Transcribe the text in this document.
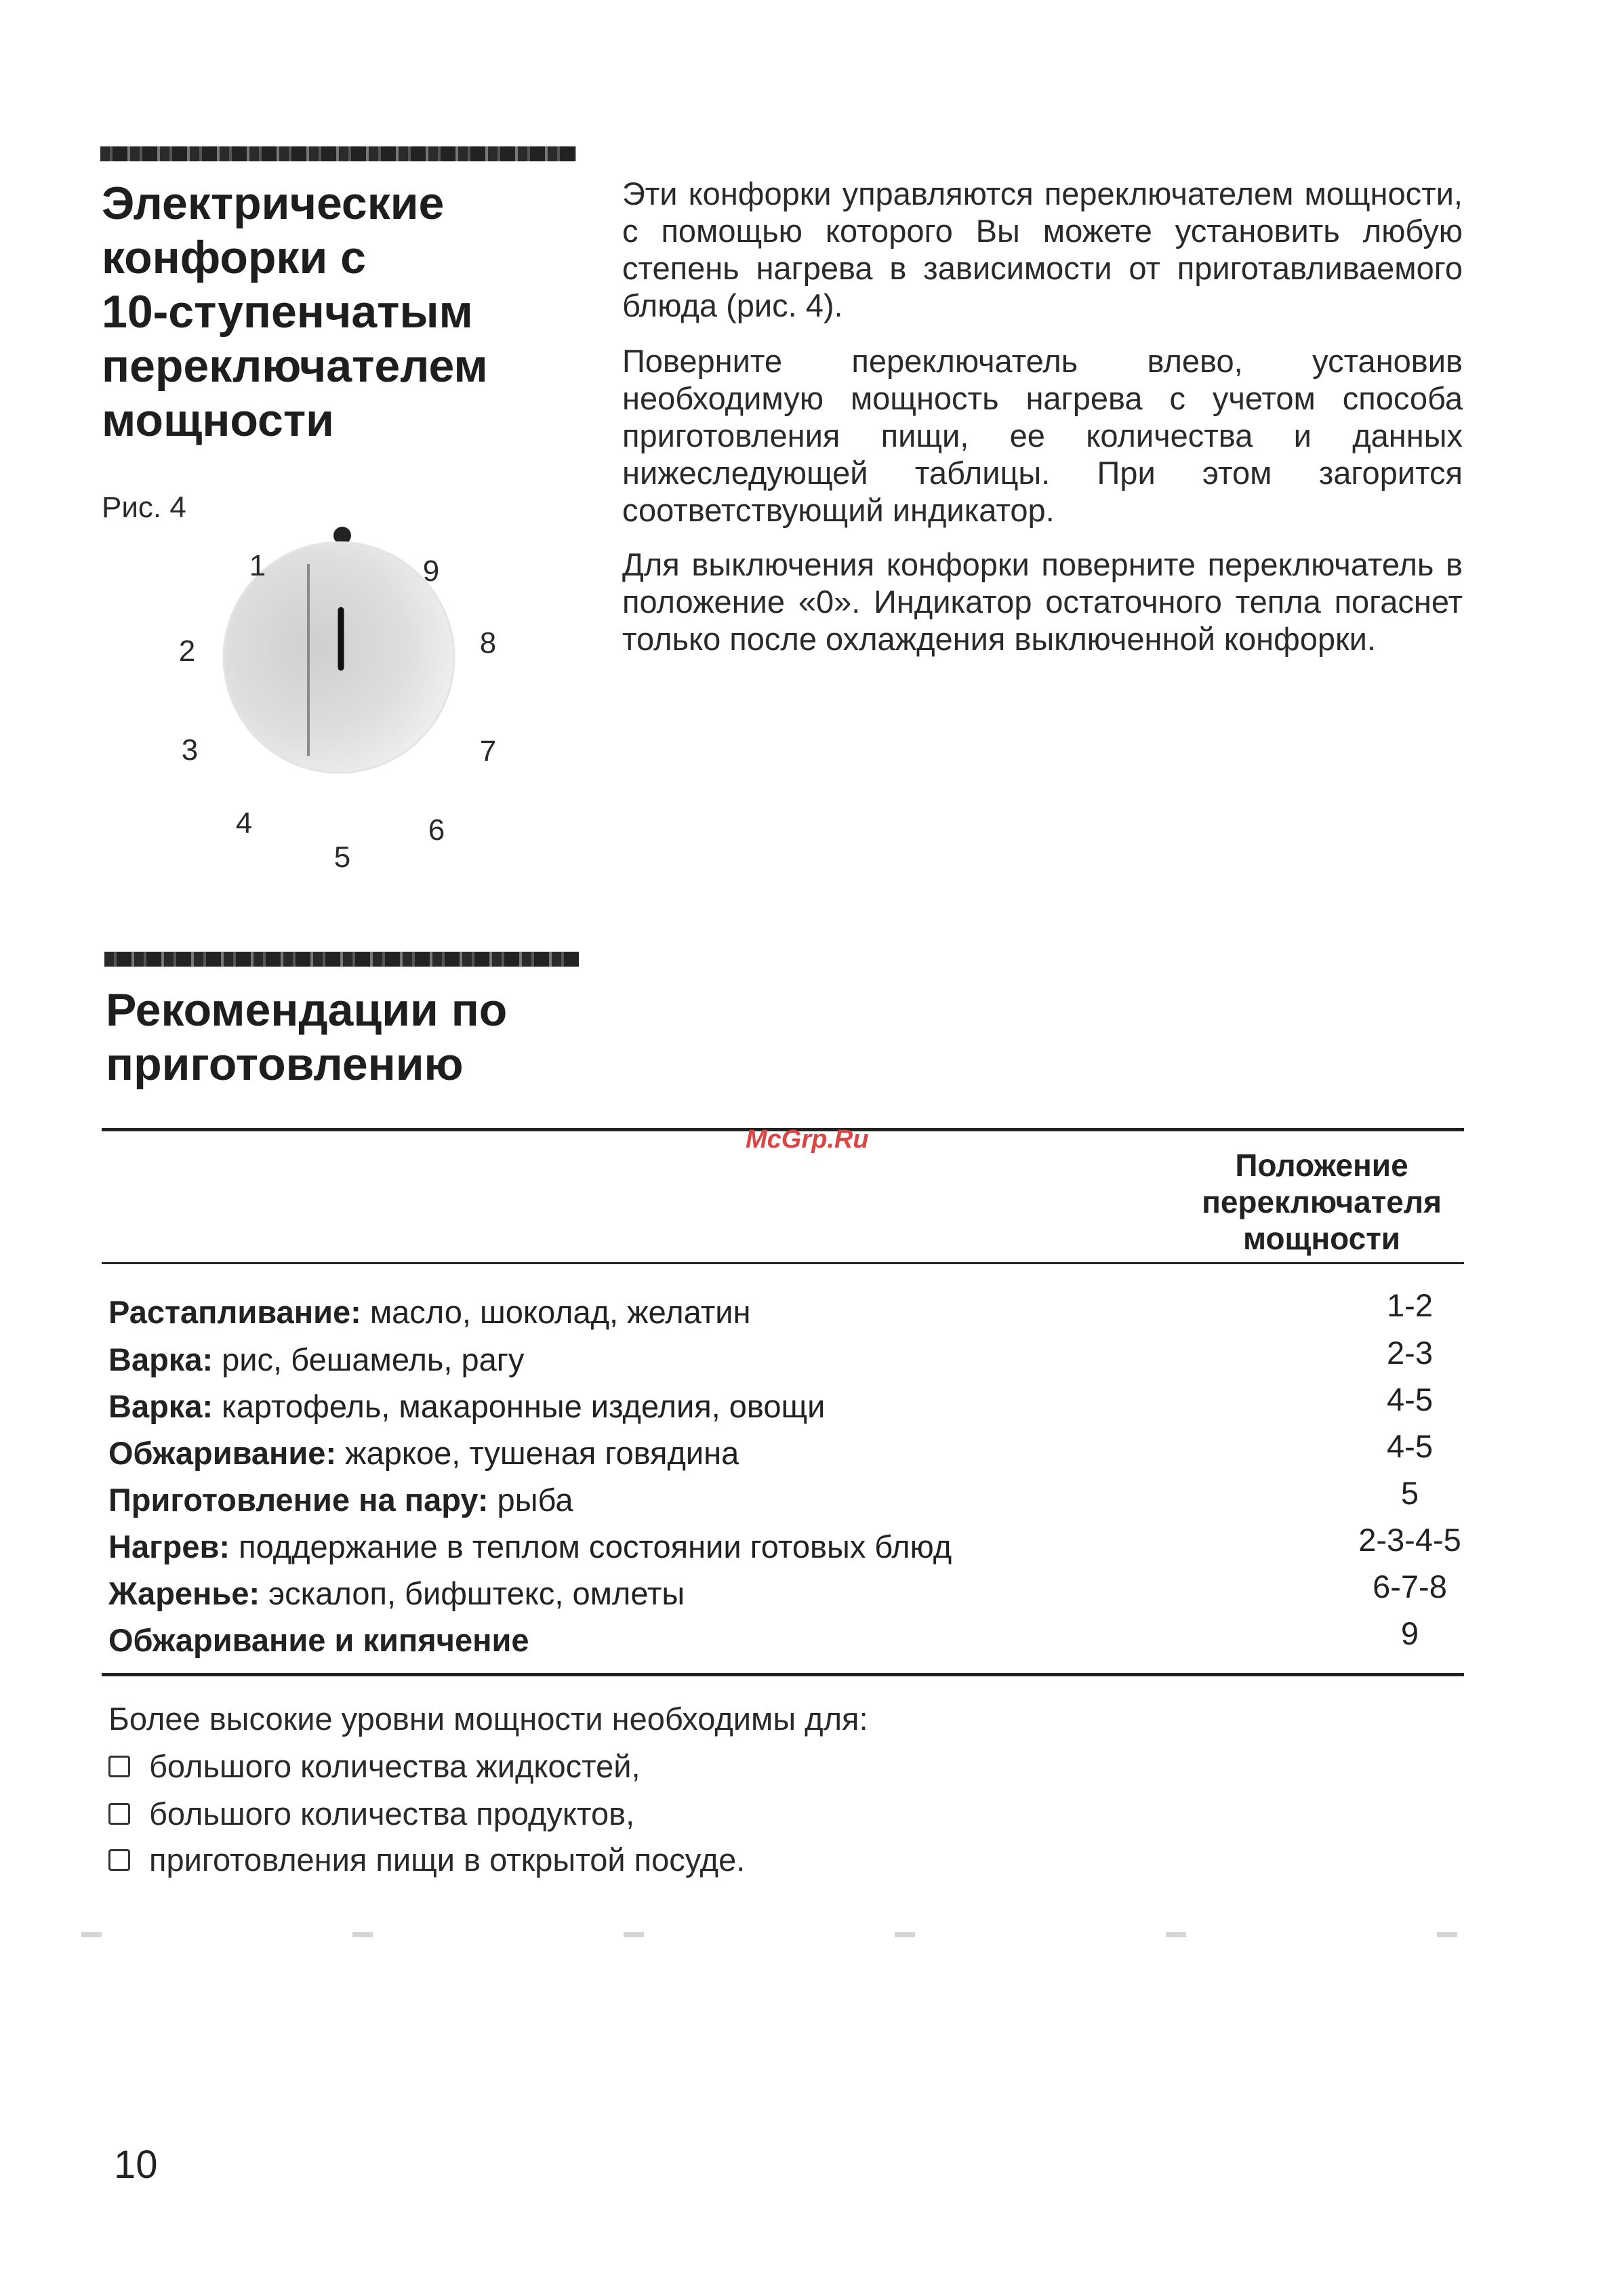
Электрические
конфорки с
10-ступенчатым
переключателем
мощности

Эти конфорки управляются переключателем мощности, с помощью которого Вы можете установить любую степень нагрева в зависимости от приготавливаемого блюда (рис. 4).

Поверните переключатель влево, установив необходимую мощность нагрева с учетом способа приготовления пищи, ее количества и данных нижеследующей таблицы. При этом загорится соответствующий индикатор.

Для выключения конфорки поверните переключатель в положение «0». Индикатор остаточного тепла погаснет только после охлаждения выключенной конфорки.

Рис. 4
1
2
3
4
5
6
7
8
9
Рекомендации по
приготовлению
McGrp.Ru
Положение
переключателя
мощности
Растапливание: масло, шоколад, желатин	1-2
Варка: рис, бешамель, рагу	2-3
Варка: картофель, макаронные изделия, овощи	4-5
Обжаривание: жаркое, тушеная говядина	4-5
Приготовление на пару: рыба	5
Нагрев: поддержание в теплом состоянии готовых блюд	2-3-4-5
Жаренье: эскалоп, бифштекс, омлеты	6-7-8
Обжаривание и кипячение	9
Более высокие уровни мощности необходимы для:
большого количества жидкостей,
большого количества продуктов,
приготовления пищи в открытой посуде.
10
